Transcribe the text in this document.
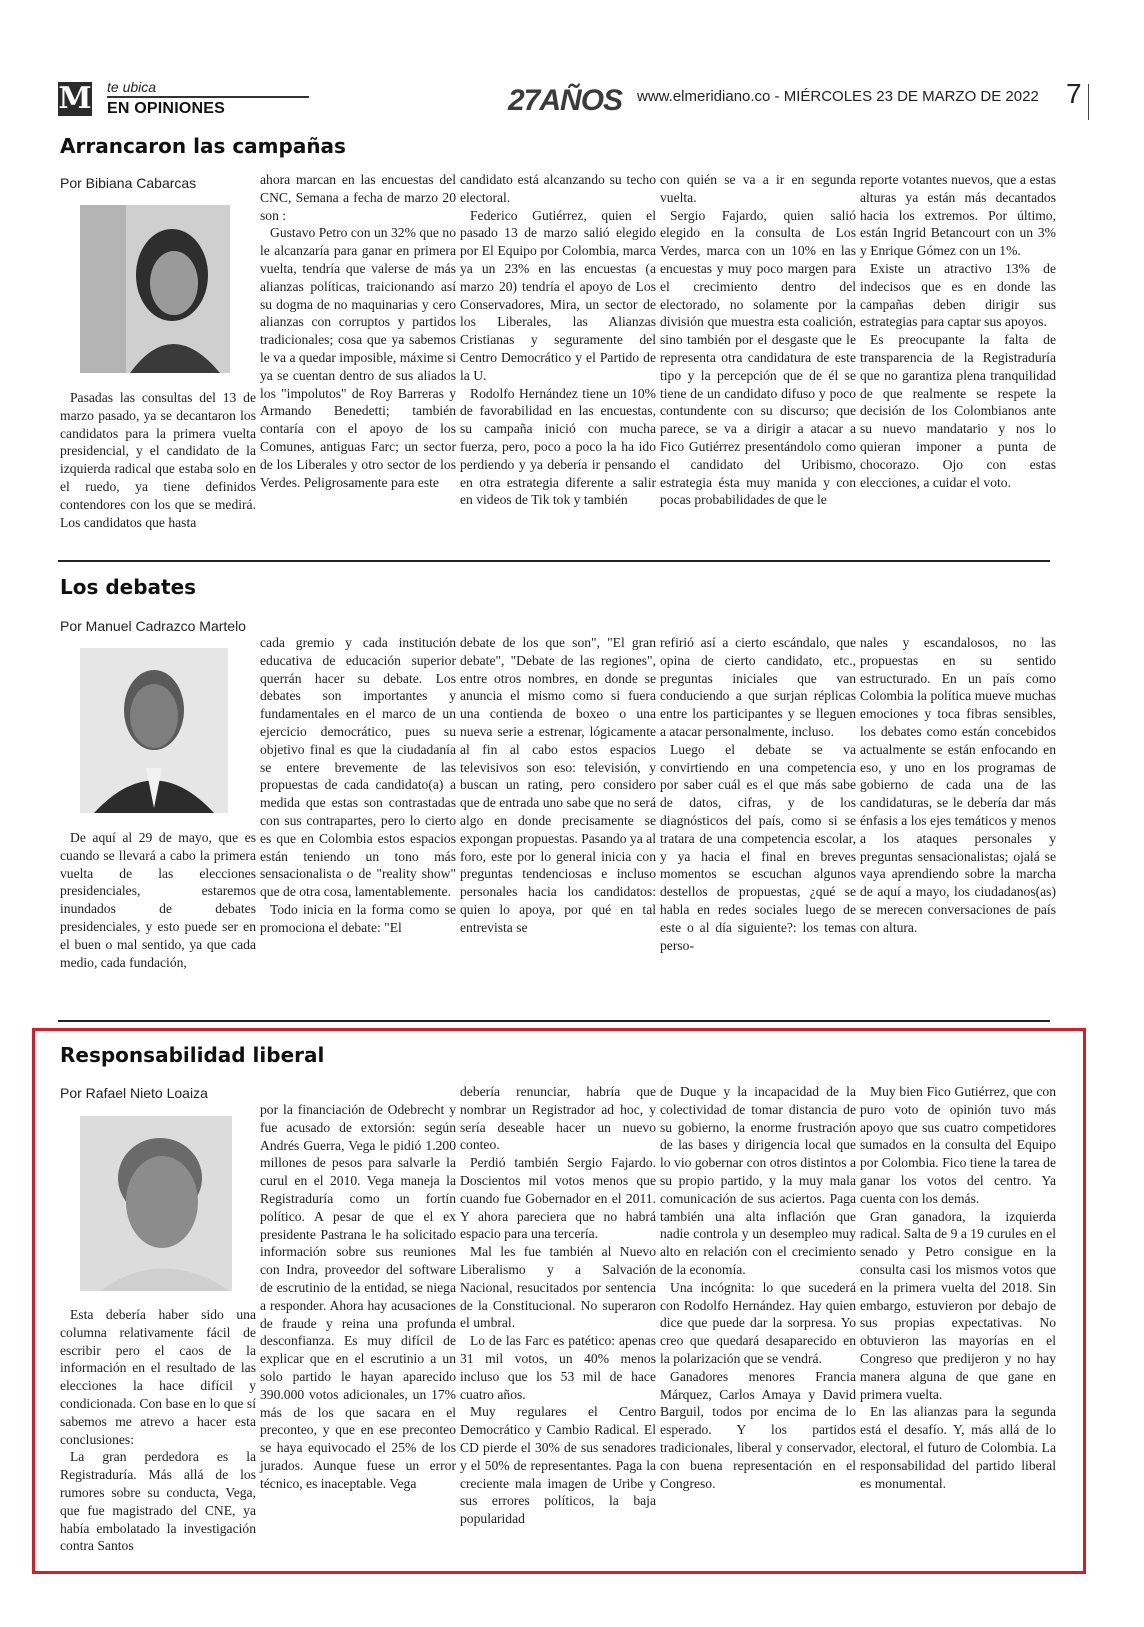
M te ubica
EN OPINIONES	27AÑOS www.elmeridiano.co - MIÉRCOLES 23 DE MARZO DE 2022 7
Arrancaron las campañas
Por Bibiana Cabarcas

Pasadas las consultas del 13 de marzo pasado, ya se decantaron los candidatos para la primera vuelta presidencial, y el candidato de la izquierda radical que estaba solo en el ruedo, ya tiene definidos contendores con los que se medirá. Los candidatos que hasta

ahora marcan en las encuestas del CNC, Semana a fecha de marzo 20 son :

Gustavo Petro con un 32% que no le alcanzaría para ganar en primera vuelta, tendría que valerse de más alianzas políticas, traicionando así su dogma de no maquinarias y cero alianzas con corruptos y partidos tradicionales; cosa que ya sabemos le va a quedar imposible, máxime si ya se cuentan dentro de sus aliados los "impolutos" de Roy Barreras y Armando Benedetti; también contaría con el apoyo de los Comunes, antiguas Farc; un sector de los Liberales y otro sector de los Verdes. Peligrosamente para este

candidato está alcanzando su techo electoral.

Federico Gutiérrez, quien el pasado 13 de marzo salió elegido por El Equipo por Colombia, marca ya un 23% en las encuestas (a marzo 20) tendría el apoyo de Los Conservadores, Mira, un sector de los Liberales, las Alianzas Cristianas y seguramente del Centro Democrático y el Partido de la U.

Rodolfo Hernández tiene un 10% de favorabilidad en las encuestas, su campaña inició con mucha fuerza, pero, poco a poco la ha ido perdiendo y ya debería ir pensando en otra estrategia diferente a salir en videos de Tik tok y también

con quién se va a ir en segunda vuelta.

Sergio Fajardo, quien salió elegido en la consulta de Los Verdes, marca con un 10% en las encuestas y muy poco margen para el crecimiento dentro del electorado, no solamente por la división que muestra esta coalición, sino también por el desgaste que le representa otra candidatura de este tipo y la percepción que de él se tiene de un candidato difuso y poco contundente con su discurso; que parece, se va a dirigir a atacar a Fico Gutiérrez presentándolo como el candidato del Uribismo, estrategia ésta muy manida y con pocas probabilidades de que le

reporte votantes nuevos, que a estas alturas ya están más decantados hacia los extremos. Por último, están Ingrid Betancourt con un 3% y Enrique Gómez con un 1%.

Existe un atractivo 13% de indecisos que es en donde las campañas deben dirigir sus estrategias para captar sus apoyos.

Es preocupante la falta de transparencia de la Registraduría que no garantiza plena tranquilidad de que realmente se respete la decisión de los Colombianos ante su nuevo mandatario y nos lo quieran imponer a punta de chocorazo. Ojo con estas elecciones, a cuidar el voto.

Los debates
Por Manuel Cadrazco Martelo

De aquí al 29 de mayo, que es cuando se llevará a cabo la primera vuelta de las elecciones presidenciales, estaremos inundados de debates presidenciales, y esto puede ser en el buen o mal sentido, ya que cada medio, cada fundación,

cada gremio y cada institución educativa de educación superior querrán hacer su debate. Los debates son importantes y fundamentales en el marco de un ejercicio democrático, pues su objetivo final es que la ciudadanía se entere brevemente de las propuestas de cada candidato(a) a medida que estas son contrastadas con sus contrapartes, pero lo cierto es que en Colombia estos espacios están teniendo un tono más sensacionalista o de "reality show" que de otra cosa, lamentablemente.

Todo inicia en la forma como se promociona el debate: "El

debate de los que son", "El gran debate", "Debate de las regiones", entre otros nombres, en donde se anuncia el mismo como si fuera una contienda de boxeo o una nueva serie a estrenar, lógicamente al fin al cabo estos espacios televisivos son eso: televisión, y buscan un rating, pero considero que de entrada uno sabe que no será algo en donde precisamente se expongan propuestas. Pasando ya al foro, este por lo general inicia con preguntas tendenciosas e incluso personales hacia los candidatos: quien lo apoya, por qué en tal entrevista se

refirió así a cierto escándalo, que opina de cierto candidato, etc., preguntas iniciales que van conduciendo a que surjan réplicas entre los participantes y se lleguen a atacar personalmente, incluso.

Luego el debate se va convirtiendo en una competencia por saber cuál es el que más sabe de datos, cifras, y de los diagnósticos del país, como si se tratara de una competencia escolar, y ya hacia el final en breves momentos se escuchan algunos destellos de propuestas, ¿qué se habla en redes sociales luego de este o al día siguiente?: los temas perso-

nales y escandalosos, no las propuestas en su sentido estructurado. En un país como Colombia la política mueve muchas emociones y toca fibras sensibles, los debates como están concebidos actualmente se están enfocando en eso, y uno en los programas de gobierno de cada una de las candidaturas, se le debería dar más énfasis a los ejes temáticos y menos a los ataques personales y preguntas sensacionalistas; ojalá se vaya aprendiendo sobre la marcha de aquí a mayo, los ciudadanos(as) se merecen conversaciones de país con altura.

Responsabilidad liberal
Por Rafael Nieto Loaiza

Esta debería haber sido una columna relativamente fácil de escribir pero el caos de la información en el resultado de las elecciones la hace difícil y condicionada. Con base en lo que sí sabemos me atrevo a hacer esta conclusiones:

La gran perdedora es la Registraduría. Más allá de los rumores sobre su conducta, Vega, que fue magistrado del CNE, ya había embolatado la investigación contra Santos

por la financiación de Odebrecht y fue acusado de extorsión: según Andrés Guerra, Vega le pidió 1.200 millones de pesos para salvarle la curul en el 2010. Vega maneja la Registraduría como un fortín político. A pesar de que el ex presidente Pastrana le ha solicitado información sobre sus reuniones con Indra, proveedor del software de escrutinio de la entidad, se niega a responder. Ahora hay acusaciones de fraude y reina una profunda desconfianza. Es muy difícil de explicar que en el escrutinio a un solo partido le hayan aparecido 390.000 votos adicionales, un 17% más de los que sacara en el preconteo, y que en ese preconteo se haya equivocado el 25% de los jurados. Aunque fuese un error técnico, es inaceptable. Vega

debería renunciar, habría que nombrar un Registrador ad hoc, y sería deseable hacer un nuevo conteo.

Perdió también Sergio Fajardo. Doscientos mil votos menos que cuando fue Gobernador en el 2011. Y ahora pareciera que no habrá espacio para una tercería.

Mal les fue también al Nuevo Liberalismo y a Salvación Nacional, resucitados por sentencia de la Constitucional. No superaron el umbral.

Lo de las Farc es patético: apenas 31 mil votos, un 40% menos incluso que los 53 mil de hace cuatro años.

Muy regulares el Centro Democrático y Cambio Radical. El CD pierde el 30% de sus senadores y el 50% de representantes. Paga la creciente mala imagen de Uribe y sus errores políticos, la baja popularidad

de Duque y la incapacidad de la colectividad de tomar distancia de su gobierno, la enorme frustración de las bases y dirigencia local que lo vio gobernar con otros distintos a su propio partido, y la muy mala comunicación de sus aciertos. Paga también una alta inflación que nadie controla y un desempleo muy alto en relación con el crecimiento de la economía.

Una incógnita: lo que sucederá con Rodolfo Hernández. Hay quien dice que puede dar la sorpresa. Yo creo que quedará desaparecido en la polarización que se vendrá.

Ganadores menores Francia Márquez, Carlos Amaya y David Barguil, todos por encima de lo esperado. Y los partidos tradicionales, liberal y conservador, con buena representación en el Congreso.

Muy bien Fico Gutiérrez, que con puro voto de opinión tuvo más apoyo que sus cuatro competidores sumados en la consulta del Equipo por Colombia. Fico tiene la tarea de ganar los votos del centro. Ya cuenta con los demás.

Gran ganadora, la izquierda radical. Salta de 9 a 19 curules en el senado y Petro consigue en la consulta casi los mismos votos que en la primera vuelta del 2018. Sin embargo, estuvieron por debajo de sus propias expectativas. No obtuvieron las mayorías en el Congreso que predijeron y no hay manera alguna de que gane en primera vuelta.

En las alianzas para la segunda está el desafío. Y, más allá de lo electoral, el futuro de Colombia. La responsabilidad del partido liberal es monumental.
